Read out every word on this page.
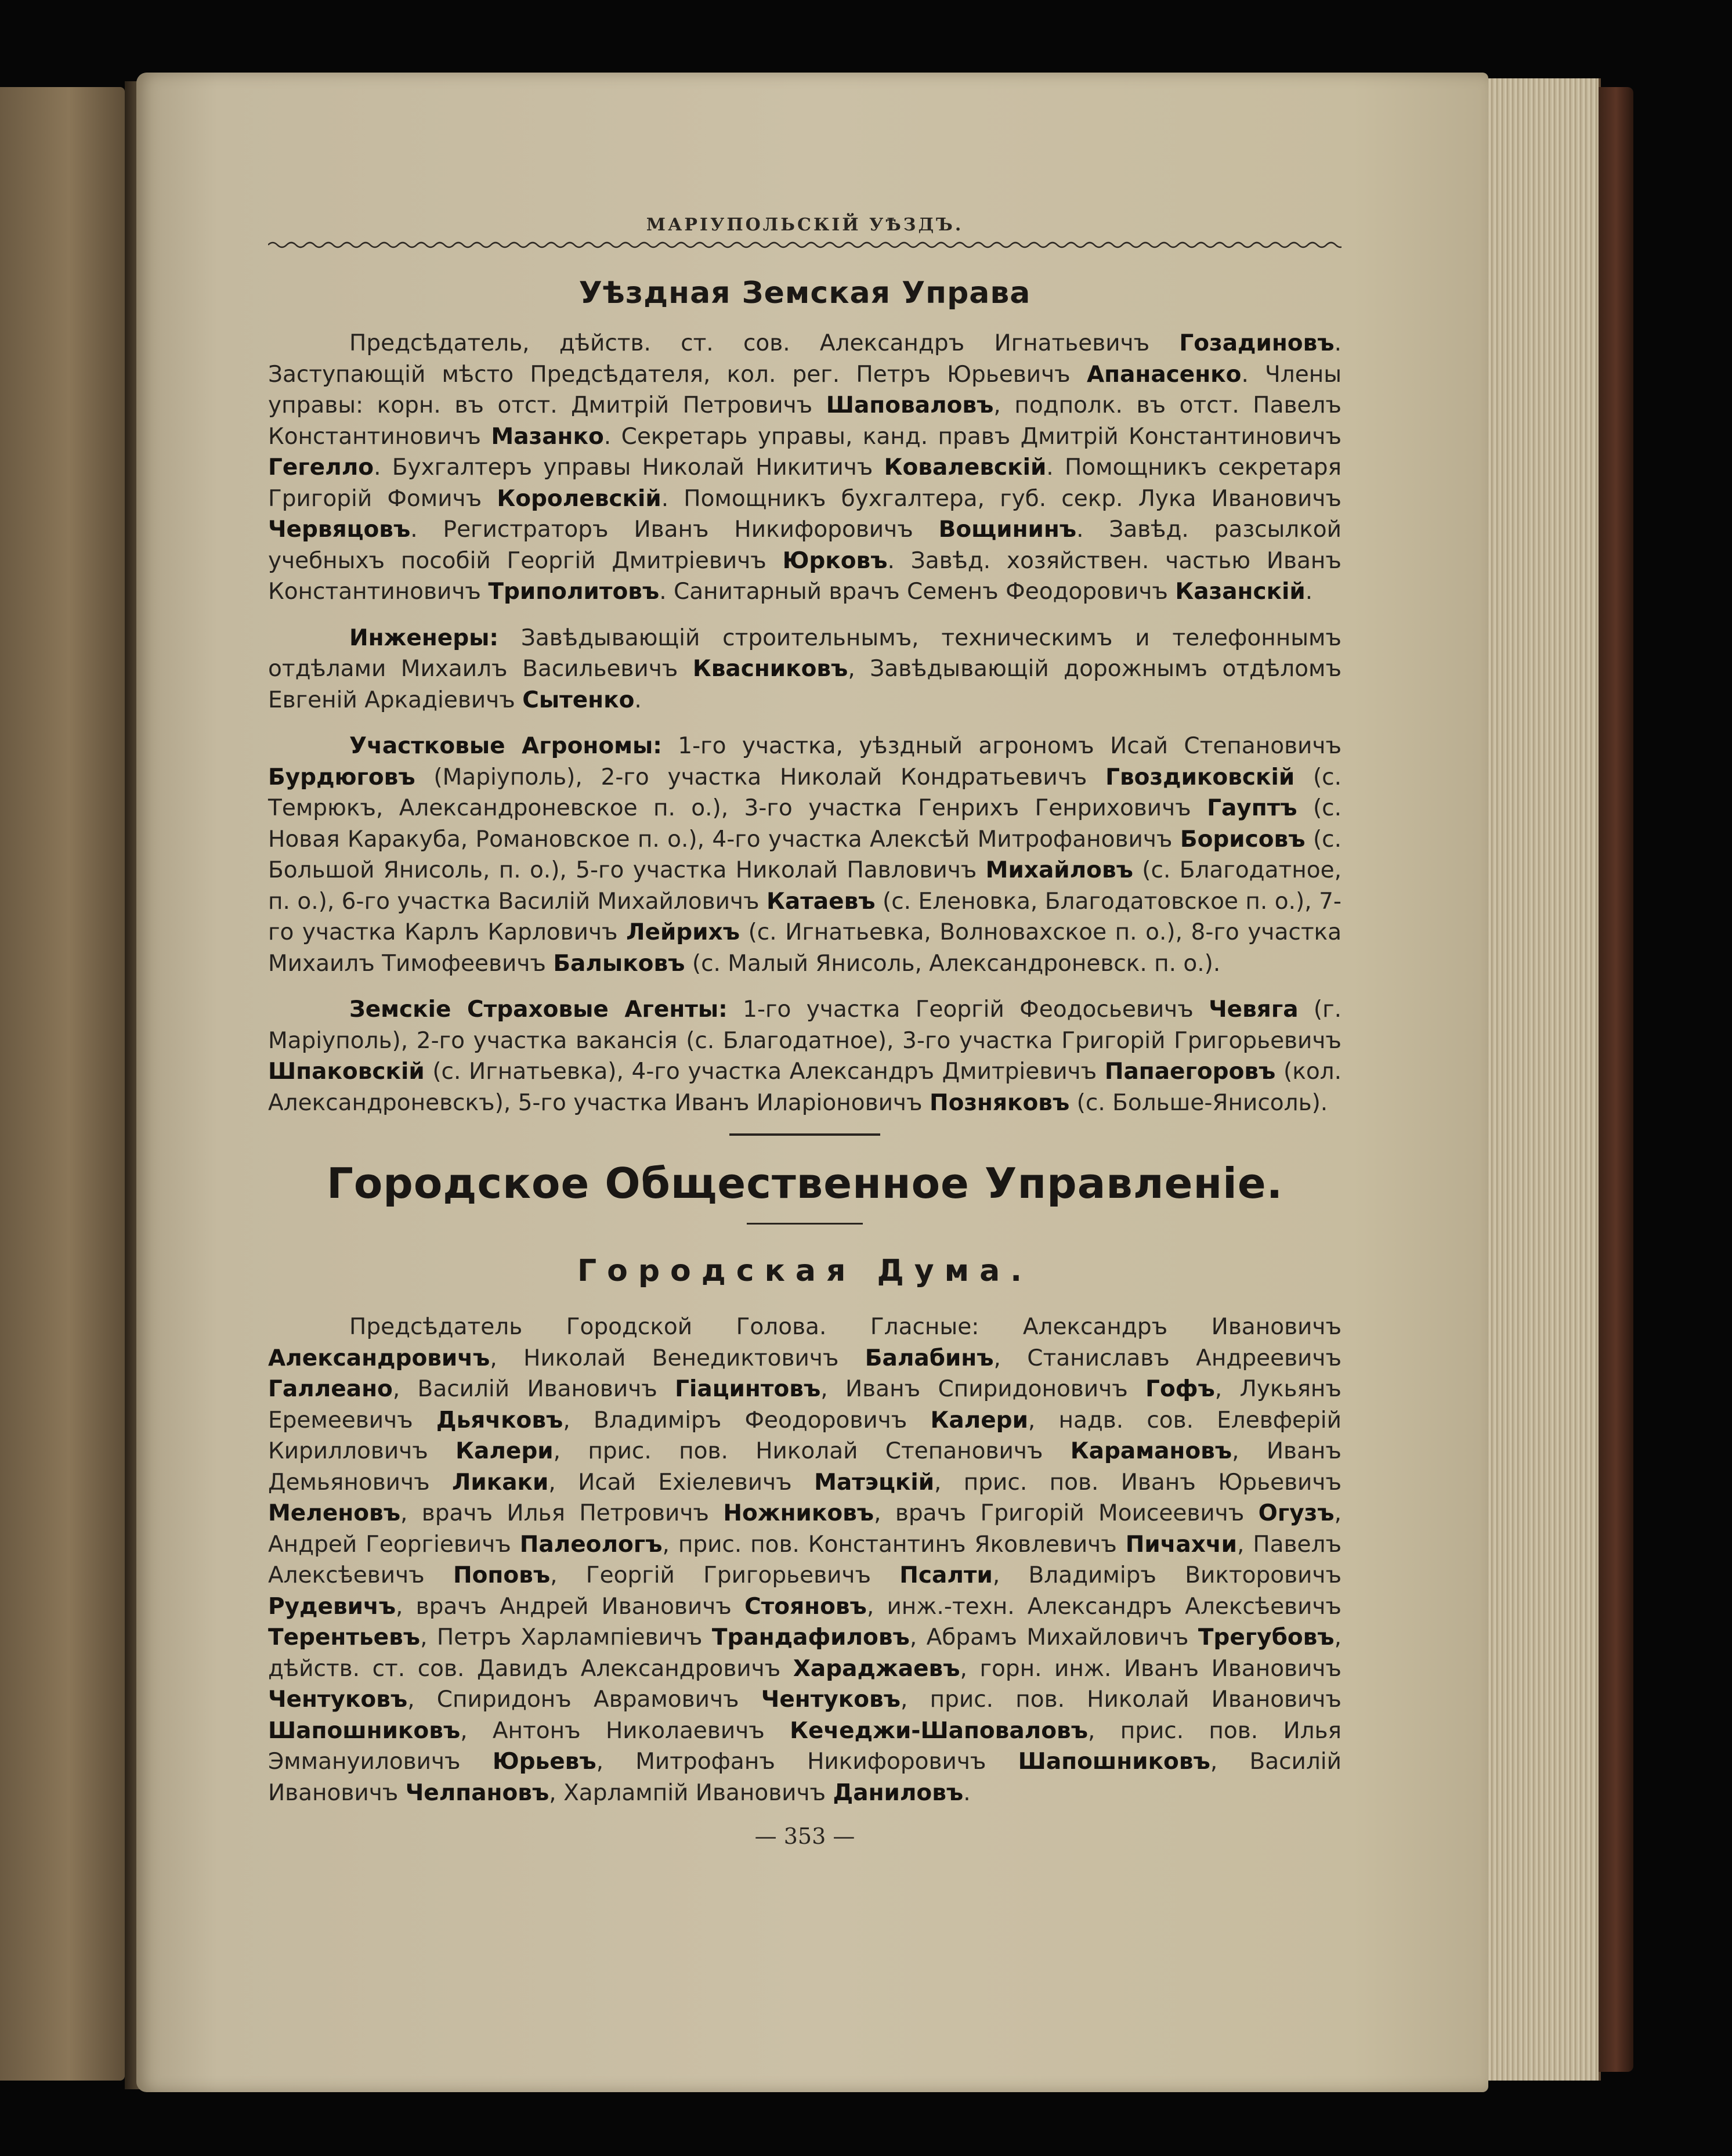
МАРІУПОЛЬСКІЙ УѢЗДЪ.
Уѣздная Земская Управа

Предсѣдатель, дѣйств. ст. сов. Александръ Игнатьевичъ Гозадиновъ. Заступающій мѣсто Предсѣдателя, кол. рег. Петръ Юрьевичъ Апанасенко. Члены управы: корн. въ отст. Дмитрій Петровичъ Шаповаловъ, подполк. въ отст. Павелъ Константиновичъ Мазанко. Секретарь управы, канд. правъ Дмитрій Константиновичъ Гегелло. Бухгалтеръ управы Николай Никитичъ Ковалевскій. Помощникъ секретаря Григорій Фомичъ Королевскій. Помощникъ бухгалтера, губ. секр. Лука Ивановичъ Червяцовъ. Регистраторъ Иванъ Никифоровичъ Вощининъ. Завѣд. разсылкой учебныхъ пособій Георгій Дмитріевичъ Юрковъ. Завѣд. хозяйствен. частью Иванъ Константиновичъ Триполитовъ. Санитарный врачъ Семенъ Феодоровичъ Казанскій.

Инженеры: Завѣдывающій строительнымъ, техническимъ и телефоннымъ отдѣлами Михаилъ Васильевичъ Квасниковъ, Завѣдывающій дорожнымъ отдѣломъ Евгеній Аркадіевичъ Сытенко.

Участковые Агрономы: 1-го участка, уѣздный агрономъ Исай Степановичъ Бурдюговъ (Маріуполь), 2-го участка Николай Кондратьевичъ Гвоздиковскій (с. Темрюкъ, Александроневское п. о.), 3-го участка Генрихъ Генриховичъ Гауптъ (с. Новая Каракуба, Романовское п. о.), 4-го участка Алексѣй Митрофановичъ Борисовъ (с. Большой Янисоль, п. о.), 5-го участка Николай Павловичъ Михайловъ (с. Благодатное, п. о.), 6-го участка Василій Михайловичъ Катаевъ (с. Еленовка, Благодатовское п. о.), 7-го участка Карлъ Карловичъ Лейрихъ (с. Игнатьевка, Волновахское п. о.), 8-го участка Михаилъ Тимофеевичъ Балыковъ (с. Малый Янисоль, Александроневск. п. о.).

Земскіе Страховые Агенты: 1-го участка Георгій Феодосьевичъ Чевяга (г. Маріуполь), 2-го участка вакансія (с. Благодатное), 3-го участка Григорій Григорьевичъ Шпаковскій (с. Игнатьевка), 4-го участка Александръ Дмитріевичъ Папаегоровъ (кол. Александроневскъ), 5-го участка Иванъ Иларіоновичъ Позняковъ (с. Больше-Янисоль).

Городское Общественное Управленіе.
Городская Дума.

Предсѣдатель Городской Голова. Гласные: Александръ Ивановичъ Александровичъ, Николай Венедиктовичъ Балабинъ, Станиславъ Андреевичъ Галлеано, Василій Ивановичъ Гіацинтовъ, Иванъ Спиридоновичъ Гофъ, Лукьянъ Еремеевичъ Дьячковъ, Владиміръ Феодоровичъ Калери, надв. сов. Елевферій Кирилловичъ Калери, прис. пов. Николай Степановичъ Карамановъ, Иванъ Демьяновичъ Ликаки, Исай Ехіелевичъ Матэцкій, прис. пов. Иванъ Юрьевичъ Меленовъ, врачъ Илья Петровичъ Ножниковъ, врачъ Григорій Моисеевичъ Огузъ, Андрей Георгіевичъ Палеологъ, прис. пов. Константинъ Яковлевичъ Пичахчи, Павелъ Алексѣевичъ Поповъ, Георгій Григорьевичъ Псалти, Владиміръ Викторовичъ Рудевичъ, врачъ Андрей Ивановичъ Стояновъ, инж.-техн. Александръ Алексѣевичъ Терентьевъ, Петръ Харлампіевичъ Трандафиловъ, Абрамъ Михайловичъ Трегубовъ, дѣйств. ст. сов. Давидъ Александровичъ Хараджаевъ, горн. инж. Иванъ Ивановичъ Чентуковъ, Спиридонъ Аврамовичъ Чентуковъ, прис. пов. Николай Ивановичъ Шапошниковъ, Антонъ Николаевичъ Кечеджи-Шаповаловъ, прис. пов. Илья Эммануиловичъ Юрьевъ, Митрофанъ Никифоровичъ Шапошниковъ, Василій Ивановичъ Челпановъ, Харлампій Ивановичъ Даниловъ.

— 353 —
